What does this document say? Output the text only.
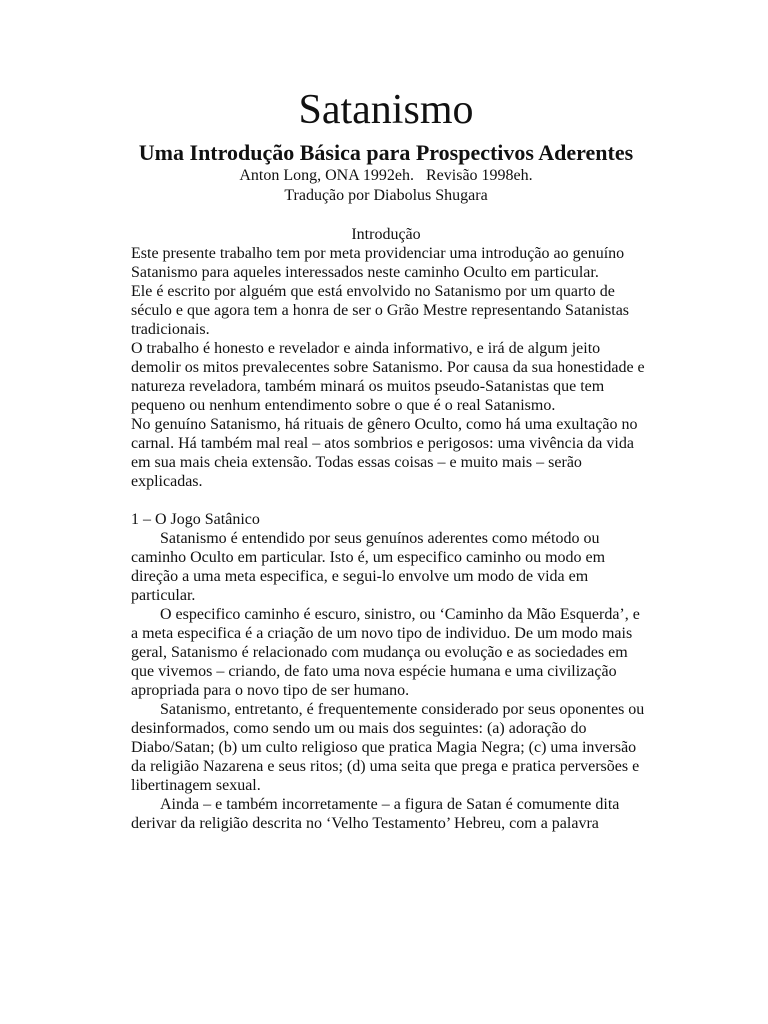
Satanismo
Uma Introdução Básica para Prospectivos Aderentes
Anton Long, ONA 1992eh.   Revisão 1998eh.
Tradução por Diabolus Shugara
Introdução

Este presente trabalho tem por meta providenciar uma introdução ao genuíno Satanismo para aqueles interessados neste caminho Oculto em particular.

Ele é escrito por alguém que está envolvido no Satanismo por um quarto de século e que agora tem a honra de ser o Grão Mestre representando Satanistas tradicionais.

O trabalho é honesto e revelador e ainda informativo, e irá de algum jeito demolir os mitos prevalecentes sobre Satanismo. Por causa da sua honestidade e natureza reveladora, também minará os muitos pseudo-Satanistas que tem pequeno ou nenhum entendimento sobre o que é o real Satanismo.

No genuíno Satanismo, há rituais de gênero Oculto, como há uma exultação no carnal. Há também mal real – atos sombrios e perigosos: uma vivência da vida em sua mais cheia extensão. Todas essas coisas – e muito mais – serão explicadas.

1 – O Jogo Satânico

Satanismo é entendido por seus genuínos aderentes como método ou caminho Oculto em particular. Isto é, um especifico caminho ou modo em direção a uma meta especifica, e segui-lo envolve um modo de vida em particular.

O especifico caminho é escuro, sinistro, ou ‘Caminho da Mão Esquerda’, e a meta especifica é a criação de um novo tipo de individuo. De um modo mais geral, Satanismo é relacionado com mudança ou evolução e as sociedades em que vivemos – criando, de fato uma nova espécie humana e uma civilização apropriada para o novo tipo de ser humano.

Satanismo, entretanto, é frequentemente considerado por seus oponentes ou desinformados, como sendo um ou mais dos seguintes: (a) adoração do Diabo/Satan; (b) um culto religioso que pratica Magia Negra; (c) uma inversão da religião Nazarena e seus ritos; (d) uma seita que prega e pratica perversões e libertinagem sexual.

Ainda – e também incorretamente – a figura de Satan é comumente dita derivar da religião descrita no ‘Velho Testamento’ Hebreu, com a palavra
